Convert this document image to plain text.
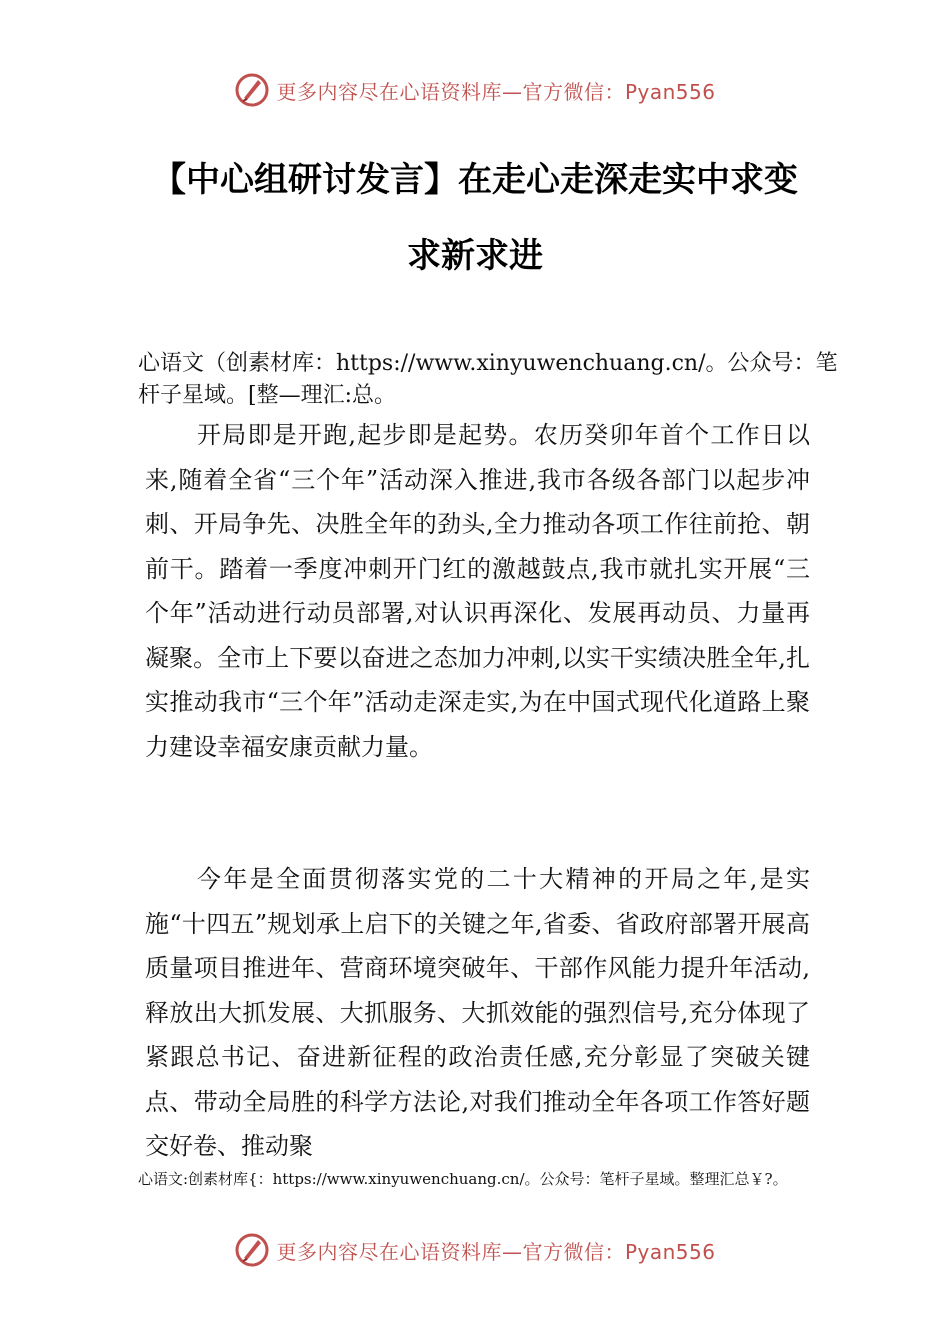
更多内容尽在心语资料库—官方微信：Pyan556
【中心组研讨发言】在走心走深走实中求变
求新求进
心语文（创素材库：https://www.xinyuwenchuang.cn/。公众号：笔杆子星域。[整—理汇:总。

开局即是开跑,起步即是起势。农历癸卯年首个工作日以来,随着全省“三个年”活动深入推进,我市各级各部门以起步冲刺、开局争先、决胜全年的劲头,全力推动各项工作往前抢、朝前干。踏着一季度冲刺开门红的激越鼓点,我市就扎实开展“三个年”活动进行动员部署,对认识再深化、发展再动员、力量再凝聚。全市上下要以奋进之态加力冲刺,以实干实绩决胜全年,扎实推动我市“三个年”活动走深走实,为在中国式现代化道路上聚力建设幸福安康贡献力量。

今年是全面贯彻落实党的二十大精神的开局之年,是实施“十四五”规划承上启下的关键之年,省委、省政府部署开展高质量项目推进年、营商环境突破年、干部作风能力提升年活动,释放出大抓发展、大抓服务、大抓效能的强烈信号,充分体现了紧跟总书记、奋进新征程的政治责任感,充分彰显了突破关键点、带动全局胜的科学方法论,对我们推动全年各项工作答好题交好卷、推动聚

心语文:创素材库{：https://www.xinyuwenchuang.cn/。公众号：笔杆子星域。整理汇总￥?。
更多内容尽在心语资料库—官方微信：Pyan556
